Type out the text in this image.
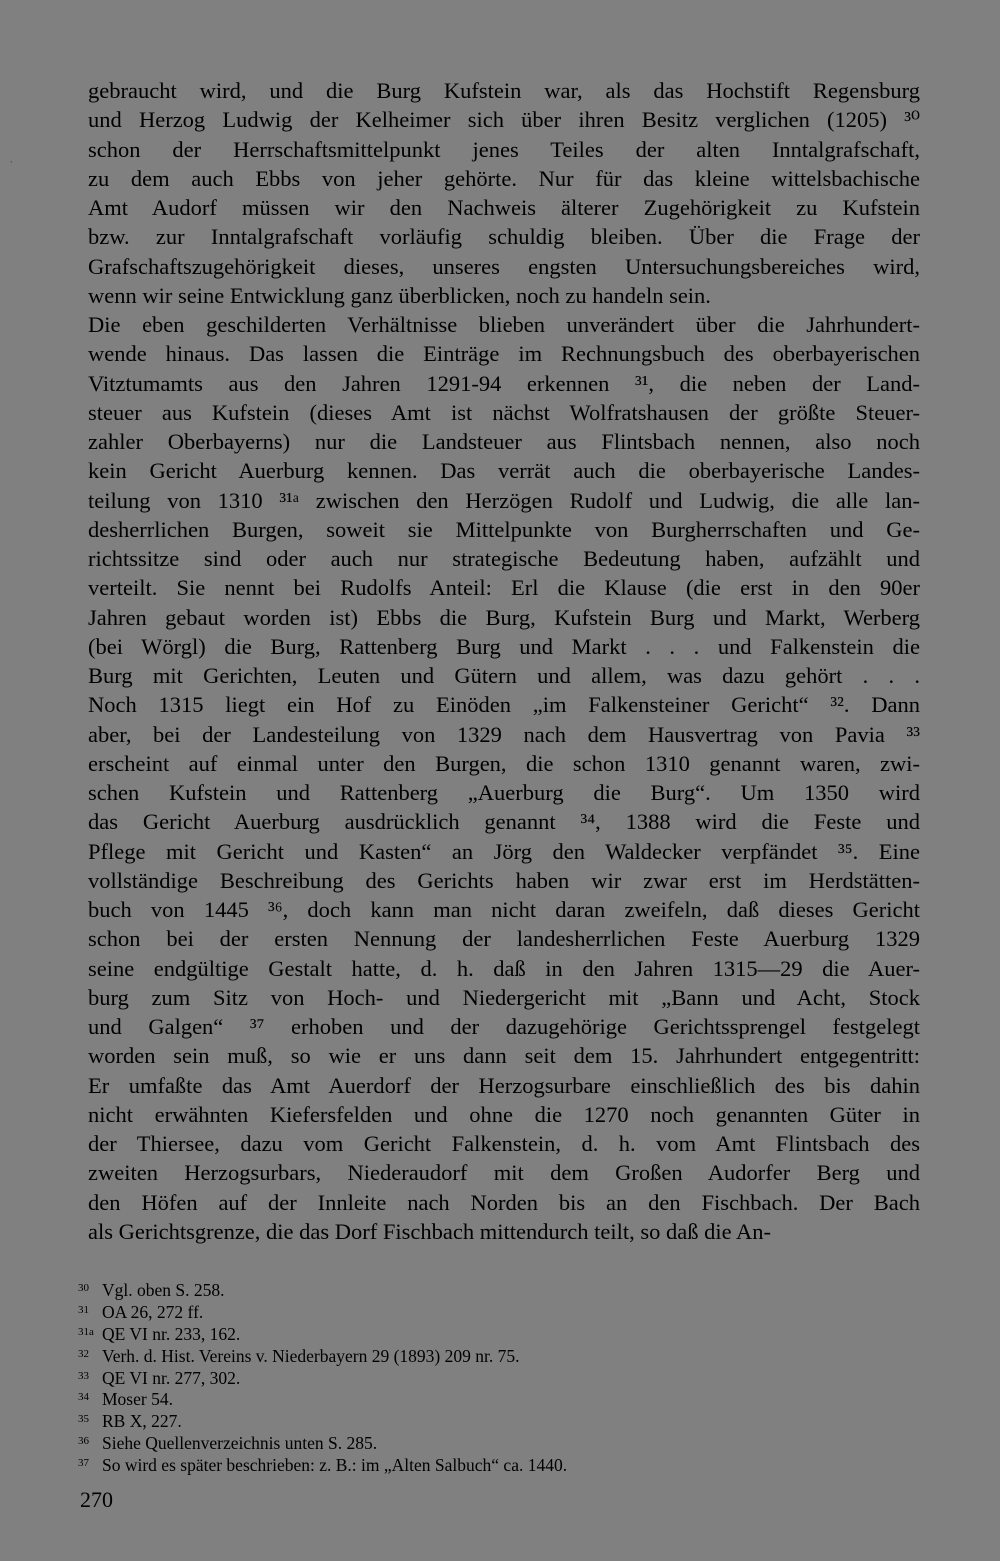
`
gebraucht wird, und die Burg Kufstein war, als das Hochstift Regensburg
und Herzog Ludwig der Kelheimer sich über ihren Besitz verglichen (1205) ³⁰
schon der Herrschaftsmittelpunkt jenes Teiles der alten Inntalgrafschaft,
zu dem auch Ebbs von jeher gehörte. Nur für das kleine wittelsbachische
Amt Audorf müssen wir den Nachweis älterer Zugehörigkeit zu Kufstein
bzw. zur Inntalgrafschaft vorläufig schuldig bleiben. Über die Frage der
Grafschaftszugehörigkeit dieses, unseres engsten Untersuchungsbereiches wird,
wenn wir seine Entwicklung ganz überblicken, noch zu handeln sein.
Die eben geschilderten Verhältnisse blieben unverändert über die Jahrhundert-
wende hinaus. Das lassen die Einträge im Rechnungsbuch des oberbayerischen
Vitztumamts aus den Jahren 1291-94 erkennen ³¹, die neben der Land-
steuer aus Kufstein (dieses Amt ist nächst Wolfratshausen der größte Steuer-
zahler Oberbayerns) nur die Landsteuer aus Flintsbach nennen, also noch
kein Gericht Auerburg kennen. Das verrät auch die oberbayerische Landes-
teilung von 1310 ³¹ᵃ zwischen den Herzögen Rudolf und Ludwig, die alle lan-
desherrlichen Burgen, soweit sie Mittelpunkte von Burgherrschaften und Ge-
richtssitze sind oder auch nur strategische Bedeutung haben, aufzählt und
verteilt. Sie nennt bei Rudolfs Anteil: Erl die Klause (die erst in den 90er
Jahren gebaut worden ist) Ebbs die Burg, Kufstein Burg und Markt, Werberg
(bei Wörgl) die Burg, Rattenberg Burg und Markt . . . und Falkenstein die
Burg mit Gerichten, Leuten und Gütern und allem, was dazu gehört . . .
Noch 1315 liegt ein Hof zu Einöden „im Falkensteiner Gericht“ ³². Dann
aber, bei der Landesteilung von 1329 nach dem Hausvertrag von Pavia ³³
erscheint auf einmal unter den Burgen, die schon 1310 genannt waren, zwi-
schen Kufstein und Rattenberg „Auerburg die Burg“. Um 1350 wird
das Gericht Auerburg ausdrücklich genannt ³⁴, 1388 wird die Feste und
Pflege mit Gericht und Kasten“ an Jörg den Waldecker verpfändet ³⁵. Eine
vollständige Beschreibung des Gerichts haben wir zwar erst im Herdstätten-
buch von 1445 ³⁶, doch kann man nicht daran zweifeln, daß dieses Gericht
schon bei der ersten Nennung der landesherrlichen Feste Auerburg 1329
seine endgültige Gestalt hatte, d. h. daß in den Jahren 1315—29 die Auer-
burg zum Sitz von Hoch- und Niedergericht mit „Bann und Acht, Stock
und Galgen“ ³⁷ erhoben und der dazugehörige Gerichtssprengel festgelegt
worden sein muß, so wie er uns dann seit dem 15. Jahrhundert entgegentritt:
Er umfaßte das Amt Auerdorf der Herzogsurbare einschließlich des bis dahin
nicht erwähnten Kiefersfelden und ohne die 1270 noch genannten Güter in
der Thiersee, dazu vom Gericht Falkenstein, d. h. vom Amt Flintsbach des
zweiten Herzogsurbars, Niederaudorf mit dem Großen Audorfer Berg und
den Höfen auf der Innleite nach Norden bis an den Fischbach. Der Bach
als Gerichtsgrenze, die das Dorf Fischbach mittendurch teilt, so daß die An-
30 Vgl. oben S. 258.
31 OA 26, 272 ff.
31a QE VI nr. 233, 162.
32 Verh. d. Hist. Vereins v. Niederbayern 29 (1893) 209 nr. 75.
33 QE VI nr. 277, 302.
34 Moser 54.
35 RB X, 227.
36 Siehe Quellenverzeichnis unten S. 285.
37 So wird es später beschrieben: z. B.: im „Alten Salbuch“ ca. 1440.
270
